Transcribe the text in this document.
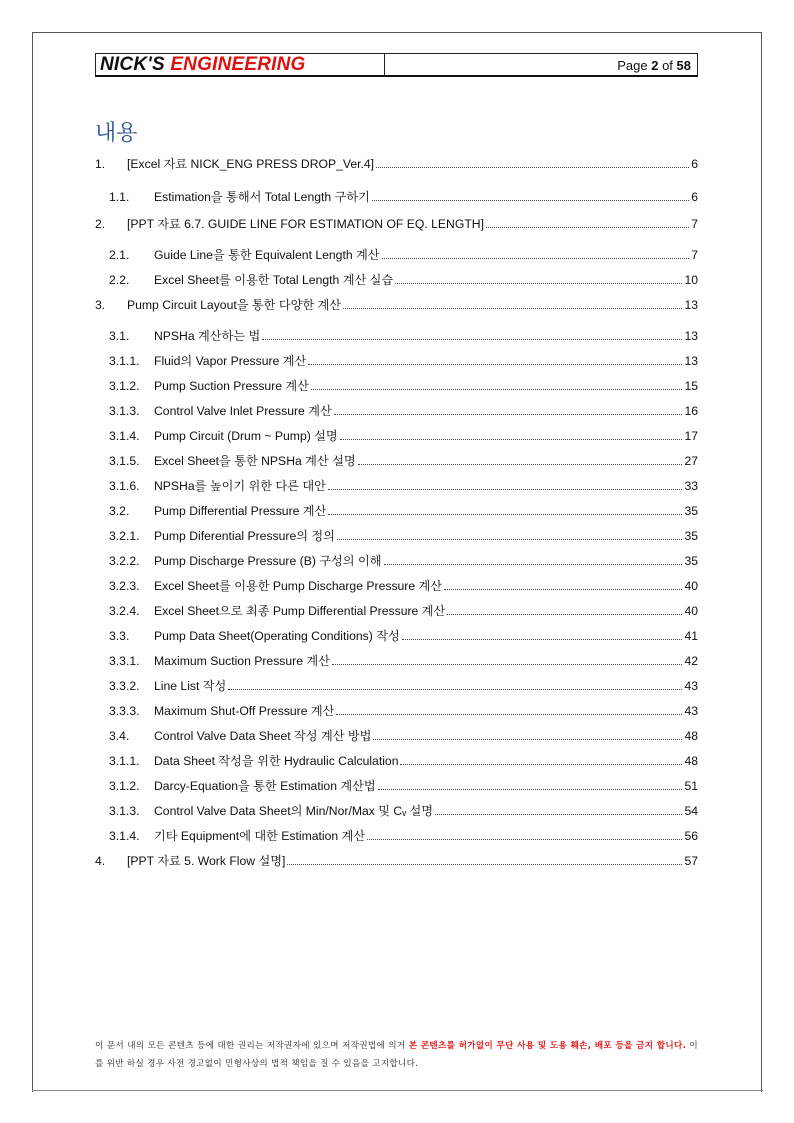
NICK'S ENGINEERING	Page 2 of 58
내용
1.	[Excel 자료 NICK_ENG PRESS DROP_Ver.4]	6
1.1.	Estimation을 통해서 Total Length 구하기	6
2.	[PPT 자료 6.7. GUIDE LINE FOR ESTIMATION OF EQ. LENGTH]	7
2.1.	Guide Line을 통한 Equivalent Length 계산	7
2.2.	Excel Sheet를 이용한 Total Length 계산 실습	10
3.	Pump Circuit Layout을 통한 다양한 계산	13
3.1.	NPSHa 계산하는 법	13
3.1.1.	Fluid의 Vapor Pressure 계산	13
3.1.2.	Pump Suction Pressure 계산	15
3.1.3.	Control Valve Inlet Pressure 계산	16
3.1.4.	Pump Circuit (Drum ~ Pump) 설명	17
3.1.5.	Excel Sheet을 통한 NPSHa 계산 설명	27
3.1.6.	NPSHa를 높이기 위한 다른 대안	33
3.2.	Pump Differential Pressure 계산	35
3.2.1.	Pump Diferential Pressure의 정의	35
3.2.2.	Pump Discharge Pressure (B) 구성의 이해	35
3.2.3.	Excel Sheet를 이용한 Pump Discharge Pressure 계산	40
3.2.4.	Excel Sheet으로 최종 Pump Differential Pressure 계산	40
3.3.	Pump Data Sheet(Operating Conditions) 작성	41
3.3.1.	Maximum Suction Pressure 계산	42
3.3.2.	Line List 작성	43
3.3.3.	Maximum Shut-Off Pressure 계산	43
3.4.	Control Valve Data Sheet 작성 계산 방법	48
3.1.1.	Data Sheet 작성을 위한 Hydraulic Calculation	48
3.1.2.	Darcy-Equation을 통한 Estimation 계산법	51
3.1.3.	Control Valve Data Sheet의 Min/Nor/Max 및 Cᵥ 설명	54
3.1.4.	기타 Equipment에 대한 Estimation 계산	56
4.	[PPT 자료 5. Work Flow 설명]	57
이 문서 내의 모든 콘텐츠 등에 대한 권리는 저작권자에 있으며 저작권법에 의거 본 콘텐츠를 허가없이 무단 사용 및 도용 훼손, 배포 등을 금지 합니다. 이를 위반 하실 경우 사전 경고없이 민형사상의 법적 책임을 질 수 있음을 고지합니다.
